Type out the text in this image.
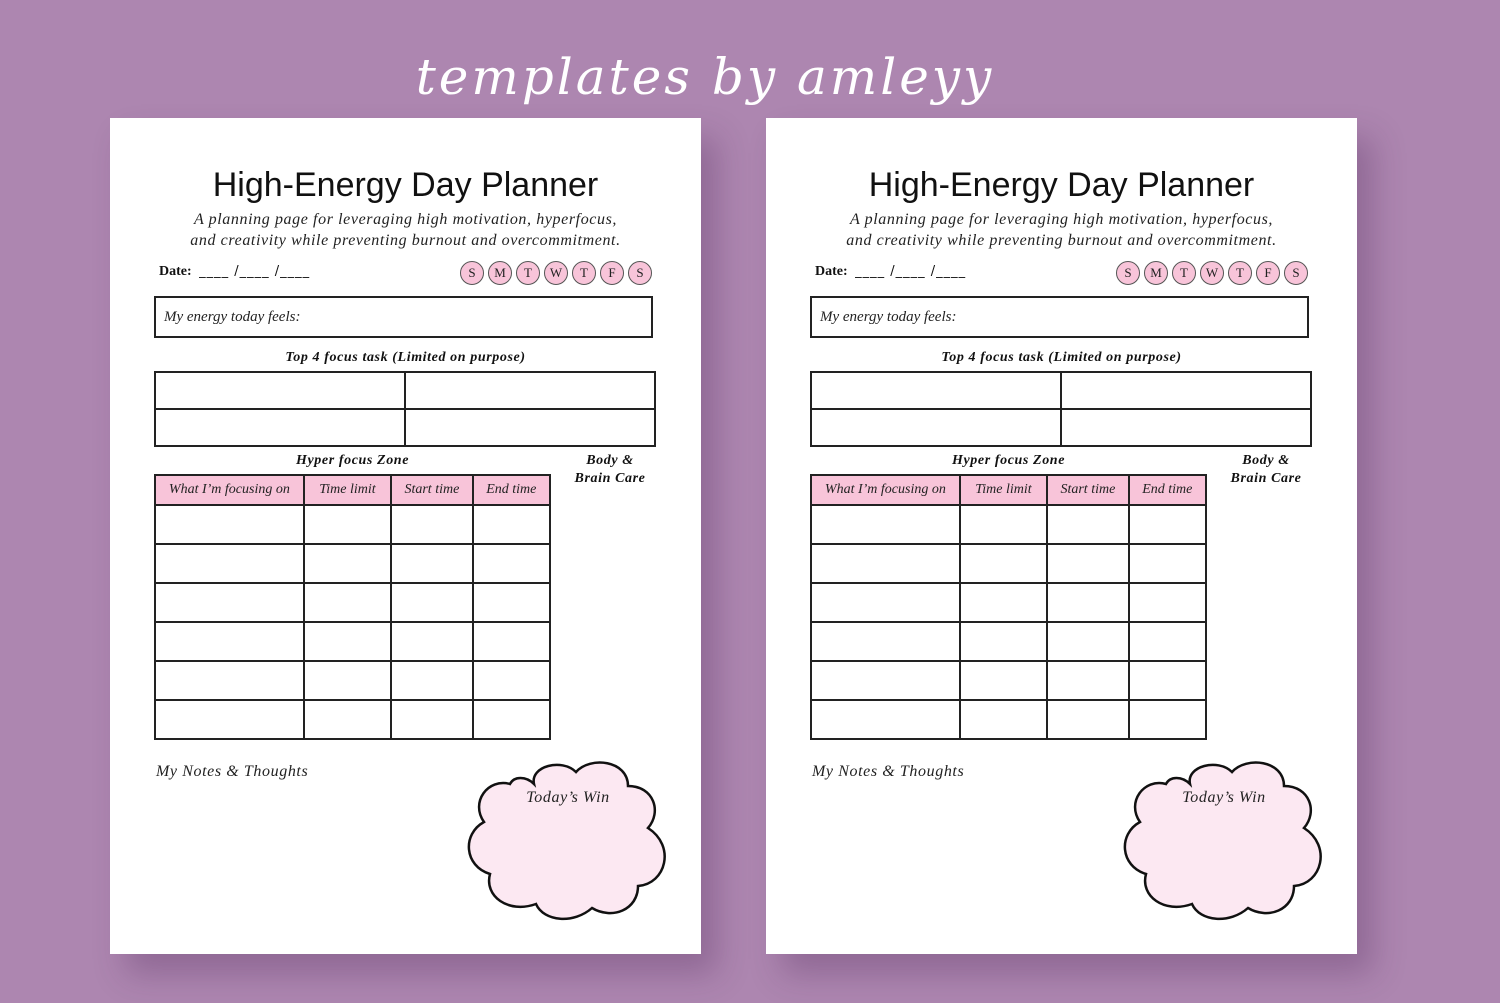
templates by amleyy
High-Energy Day Planner
A planning page for leveraging high motivation, hyperfocus,
and creativity while preventing burnout and overcommitment.
Date: ____ /____ /____	S	M	T	W	T	F	S
My energy today feels:
Top 4 focus task (Limited on purpose)

Hyper focus Zone	Body &
Brain Care
What I’m focusing on	Time limit	Start time	End time

My Notes & Thoughts
Today’s Win
High-Energy Day Planner
A planning page for leveraging high motivation, hyperfocus,
and creativity while preventing burnout and overcommitment.
Date: ____ /____ /____	S	M	T	W	T	F	S
My energy today feels:
Top 4 focus task (Limited on purpose)

Hyper focus Zone	Body &
Brain Care
What I’m focusing on	Time limit	Start time	End time

My Notes & Thoughts
Today’s Win
